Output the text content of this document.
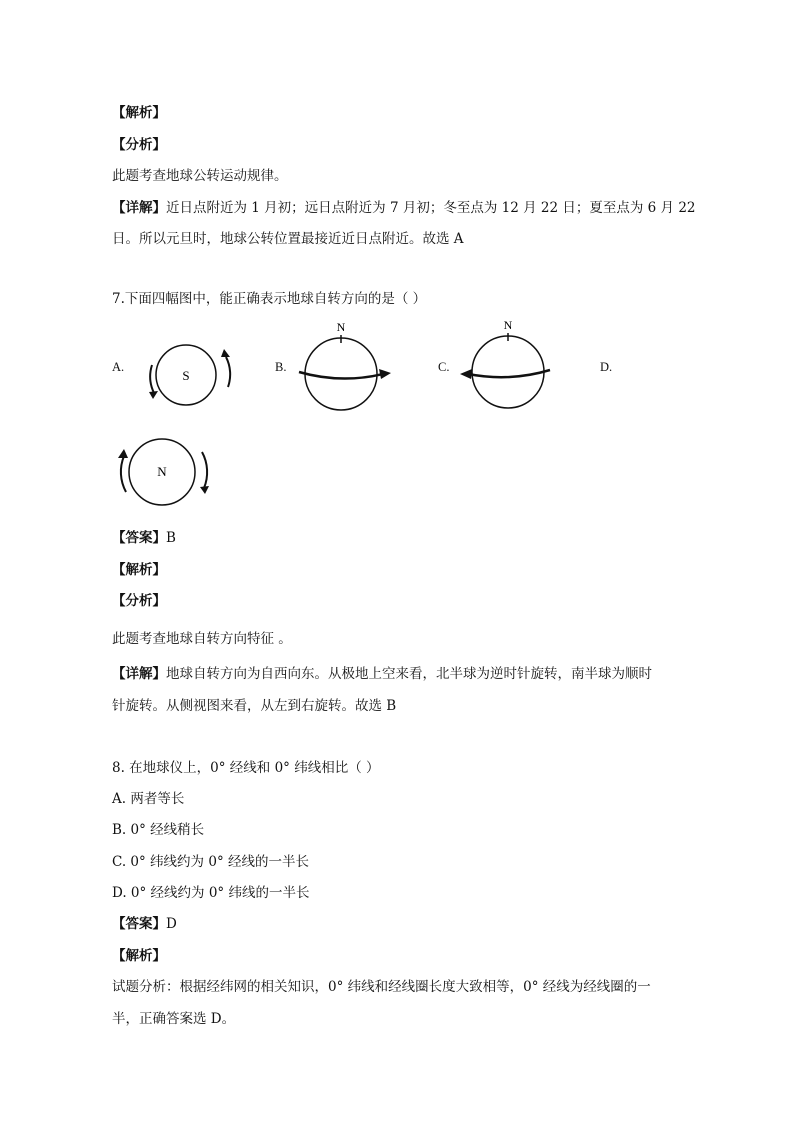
【解析】
【分析】
此题考查地球公转运动规律。
【详解】近日点附近为 1 月初；远日点附近为 7 月初；冬至点为 12 月 22 日；夏至点为 6 月 22
日。所以元旦时，地球公转位置最接近近日点附近。故选 A
7.下面四幅图中，能正确表示地球自转方向的是（ ）
A.	B.	C.	D.
S
N	N
N
【答案】B
【解析】
【分析】
此题考查地球自转方向特征 。
【详解】地球自转方向为自西向东。从极地上空来看，北半球为逆时针旋转，南半球为顺时
针旋转。从侧视图来看，从左到右旋转。故选 B
8. 在地球仪上，0° 经线和 0° 纬线相比（ ）
A. 两者等长
B. 0° 经线稍长
C. 0° 纬线约为 0° 经线的一半长
D. 0° 经线约为 0° 纬线的一半长
【答案】D
【解析】
试题分析：根据经纬网的相关知识，0° 纬线和经线圈长度大致相等，0° 经线为经线圈的一
半，正确答案选 D。
